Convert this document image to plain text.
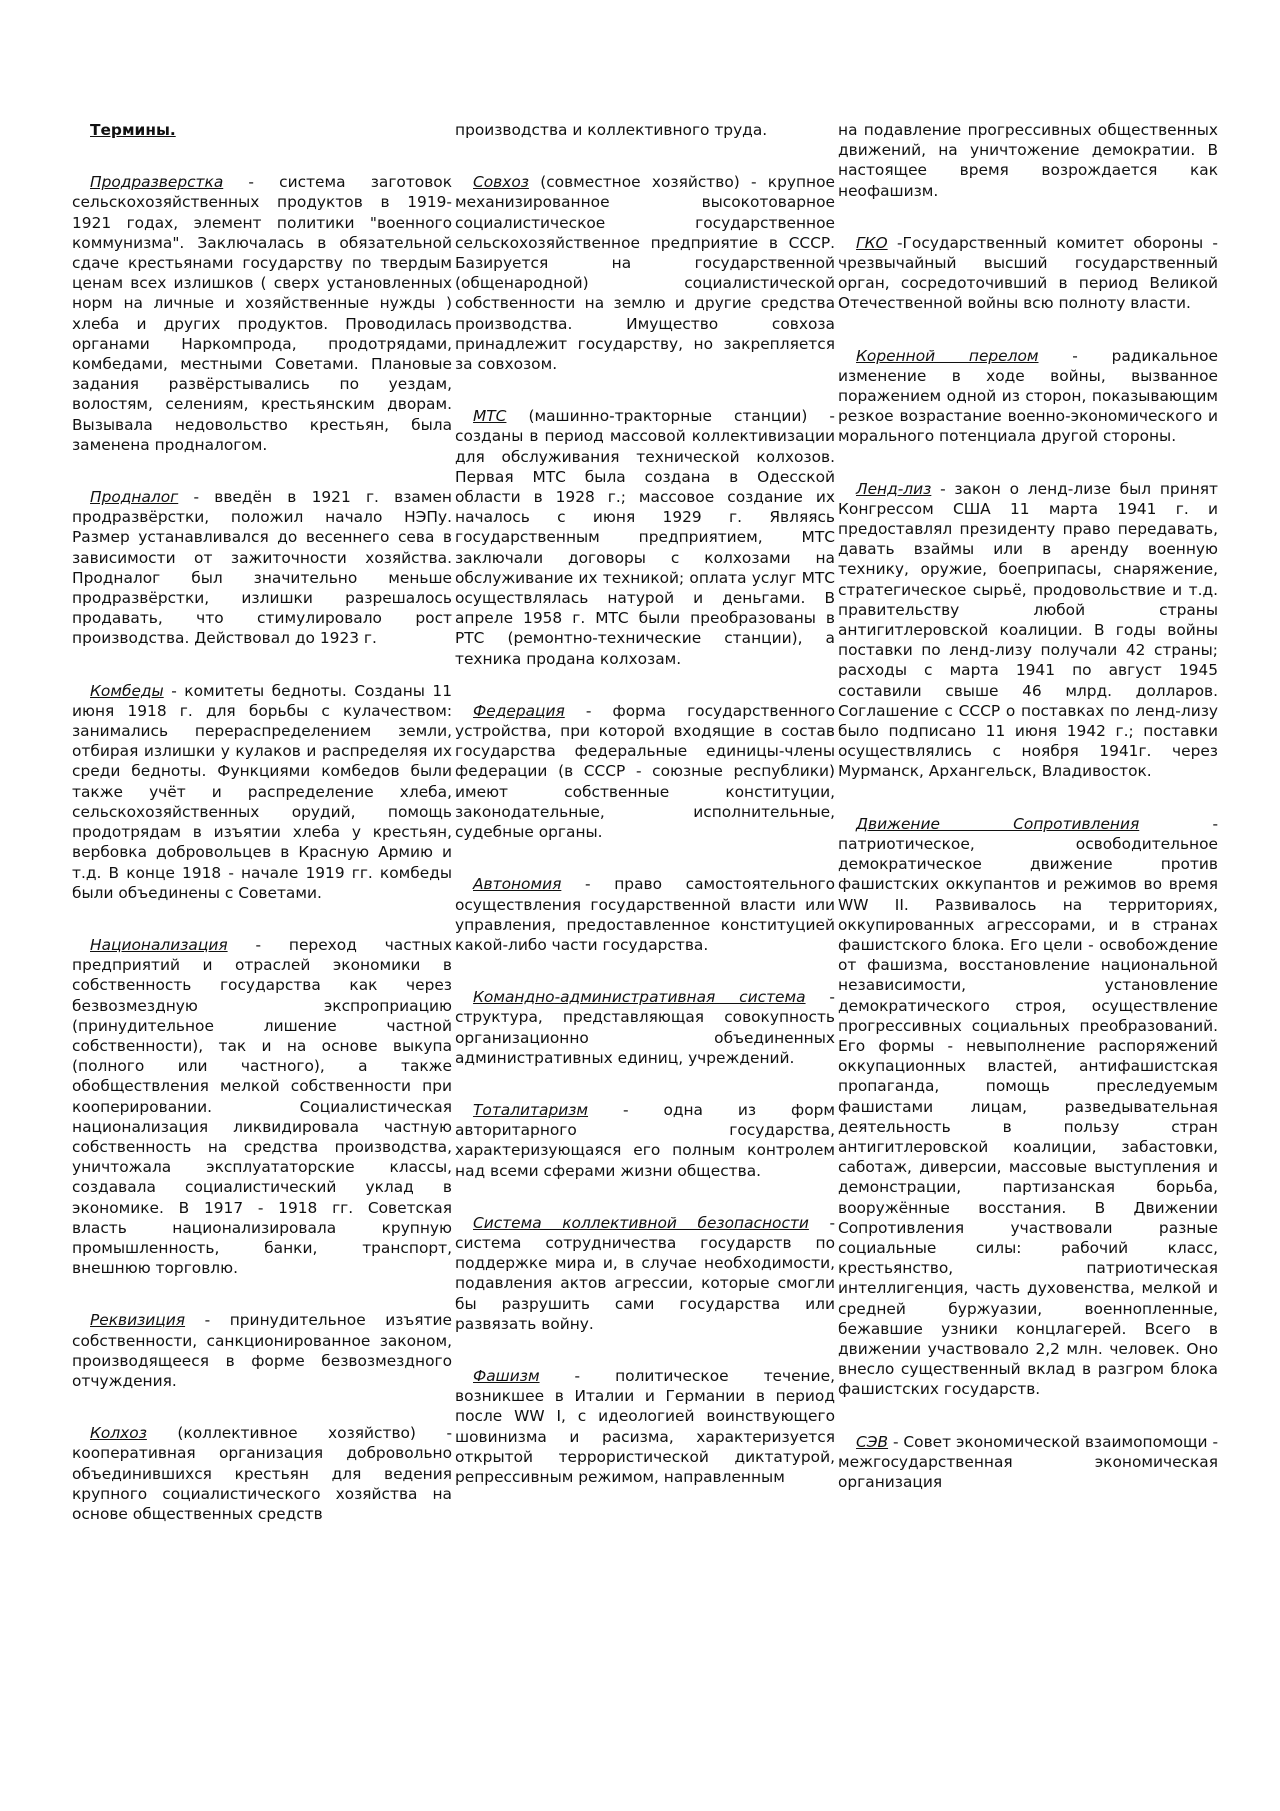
Термины.

Продразверстка - система заготовок сельскохозяйственных продуктов в 1919-1921 годах, элемент политики "военного коммунизма". Заключалась в обязательной сдаче крестьянами государству по твердым ценам всех излишков ( сверх установленных норм на личные и хозяйственные нужды ) хлеба и других продуктов. Проводилась органами Наркомпрода, продотрядами, комбедами, местными Советами. Плановые задания развёрстывались по уездам, волостям, селениям, крестьянским дворам. Вызывала недовольство крестьян, была заменена продналогом.

Продналог - введён в 1921 г. взамен продразвёрстки, положил начало НЭПу. Размер устанавливался до весеннего сева в зависимости от зажиточности хозяйства. Продналог был значительно меньше продразвёрстки, излишки разрешалось продавать, что стимулировало рост производства. Действовал до 1923 г.

Комбеды - комитеты бедноты. Созданы 11 июня 1918 г. для борьбы с кулачеством: занимались перераспределением земли, отбирая излишки у кулаков и распределяя их среди бедноты. Функциями комбедов были также учёт и распределение хлеба, сельскохозяйственных орудий, помощь продотрядам в изъятии хлеба у крестьян, вербовка добровольцев в Красную Армию и т.д. В конце 1918 - начале 1919 гг. комбеды были объединены с Советами.

Национализация - переход частных предприятий и отраслей экономики в собственность государства как через безвозмездную экспроприацию (принудительное лишение частной собственности), так и на основе выкупа (полного или частного), а также обобществления мелкой собственности при кооперировании. Социалистическая национализация ликвидировала частную собственность на средства производства, уничтожала эксплуататорские классы, создавала социалистический уклад в экономике. В 1917 - 1918 гг. Советская власть национализировала крупную промышленность, банки, транспорт, внешнюю торговлю.

Реквизиция - принудительное изъятие собственности, санкционированное законом, производящееся в форме безвозмездного отчуждения.

Колхоз (коллективное хозяйство) - кооперативная организация добровольно объединившихся крестьян для ведения крупного социалистического хозяйства на основе общественных средств

производства и коллективного труда.

Совхоз (совместное хозяйство) - крупное механизированное высокотоварное социалистическое государственное сельскохозяйственное предприятие в СССР. Базируется на государственной (общенародной) социалистической собственности на землю и другие средства производства. Имущество совхоза принадлежит государству, но закрепляется за совхозом.

МТС (машинно-тракторные станции) - созданы в период массовой коллективизации для обслуживания технической колхозов. Первая МТС была создана в Одесской области в 1928 г.; массовое создание их началось с июня 1929 г. Являясь государственным предприятием, МТС заключали договоры с колхозами на обслуживание их техникой; оплата услуг МТС осуществлялась натурой и деньгами. В апреле 1958 г. МТС были преобразованы в РТС (ремонтно-технические станции), а техника продана колхозам.

Федерация - форма государственного устройства, при которой входящие в состав государства федеральные единицы-члены федерации (в СССР - союзные республики) имеют собственные конституции, законодательные, исполнительные, судебные органы.

Автономия - право самостоятельного осуществления государственной власти или управления, предоставленное конституцией какой-либо части государства.

Командно-административная система - структура, представляющая совокупность организационно объединенных административных единиц, учреждений.

Тоталитаризм - одна из форм авторитарного государства, характеризующаяся его полным контролем над всеми сферами жизни общества.

Система коллективной безопасности - система сотрудничества государств по поддержке мира и, в случае необходимости, подавления актов агрессии, которые смогли бы разрушить сами государства или развязать войну.

Фашизм - политическое течение, возникшее в Италии и Германии в период после WW I, с идеологией воинствующего шовинизма и расизма, характеризуется открытой террористической диктатурой, репрессивным режимом, направленным

на подавление прогрессивных общественных движений, на уничтожение демократии. В настоящее время возрождается как неофашизм.

ГКО -Государственный комитет обороны - чрезвычайный высший государственный орган, сосредоточивший в период Великой Отечественной войны всю полноту власти.

Коренной перелом - радикальное изменение в ходе войны, вызванное поражением одной из сторон, показывающим резкое возрастание военно-экономического и морального потенциала другой стороны.

Ленд-лиз - закон о ленд-лизе был принят Конгрессом США 11 марта 1941 г. и предоставлял президенту право передавать, давать взаймы или в аренду военную технику, оружие, боеприпасы, снаряжение, стратегическое сырьё, продовольствие и т.д. правительству любой страны антигитлеровской коалиции. В годы войны поставки по ленд-лизу получали 42 страны; расходы с марта 1941 по август 1945 составили свыше 46 млрд. долларов. Соглашение с СССР о поставках по ленд-лизу было подписано 11 июня 1942 г.; поставки осуществлялись с ноября 1941г. через Мурманск, Архангельск, Владивосток.

Движение Сопротивления - патриотическое, освободительное демократическое движение против фашистских оккупантов и режимов во время WW II. Развивалось на территориях, оккупированных агрессорами, и в странах фашистского блока. Его цели - освобождение от фашизма, восстановление национальной независимости, установление демократического строя, осуществление прогрессивных социальных преобразований. Его формы - невыполнение распоряжений оккупационных властей, антифашистская пропаганда, помощь преследуемым фашистами лицам, разведывательная деятельность в пользу стран антигитлеровской коалиции, забастовки, саботаж, диверсии, массовые выступления и демонстрации, партизанская борьба, вооружённые восстания. В Движении Сопротивления участвовали разные социальные силы: рабочий класс, крестьянство, патриотическая интеллигенция, часть духовенства, мелкой и средней буржуазии, военнопленные, бежавшие узники концлагерей. Всего в движении участвовало 2,2 млн. человек. Оно внесло существенный вклад в разгром блока фашистских государств.

СЭВ - Совет экономической взаимопомощи - межгосударственная экономическая организация
